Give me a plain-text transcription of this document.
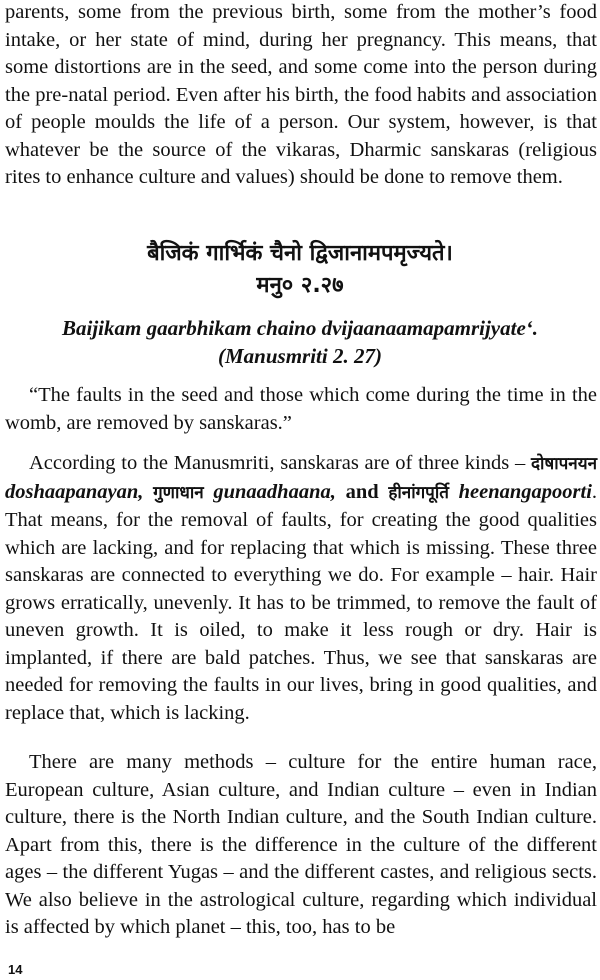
parents, some from the previous birth, some from the mother’s food intake, or her state of mind, during her pregnancy. This means, that some distortions are in the seed, and some come into the person during the pre-natal period. Even after his birth, the food habits and association of people moulds the life of a person. Our system, however, is that whatever be the source of the vikaras, Dharmic sanskaras (religious rites to enhance culture and values) should be done to remove them.

बैजिकं गार्भिकं चैनो द्विजानामपमृज्यते।

मनु० २.२७

Baijikam gaarbhikam chaino dvijaanaamapamrijyate‘.

(Manusmriti 2. 27)

“The faults in the seed and those which come during the time in the womb, are removed by sanskaras.”

According to the Manusmriti, sanskaras are of three kinds – दोषापनयन doshaapanayan, गुणाधान gunaadhaana, and हीनांगपूर्ति heenangapoorti. That means, for the removal of faults, for creating the good qualities which are lacking, and for replacing that which is missing. These three sanskaras are connected to everything we do. For example – hair. Hair grows erratically, unevenly. It has to be trimmed, to remove the fault of uneven growth. It is oiled, to make it less rough or dry. Hair is implanted, if there are bald patches. Thus, we see that sanskaras are needed for removing the faults in our lives, bring in good qualities, and replace that, which is lacking.

There are many methods – culture for the entire human race, European culture, Asian culture, and Indian culture – even in Indian culture, there is the North Indian culture, and the South Indian culture. Apart from this, there is the difference in the culture of the different ages – the different Yugas – and the different castes, and religious sects. We also believe in the astrological culture, regarding which individual is affected by which planet – this, too, has to be

14
